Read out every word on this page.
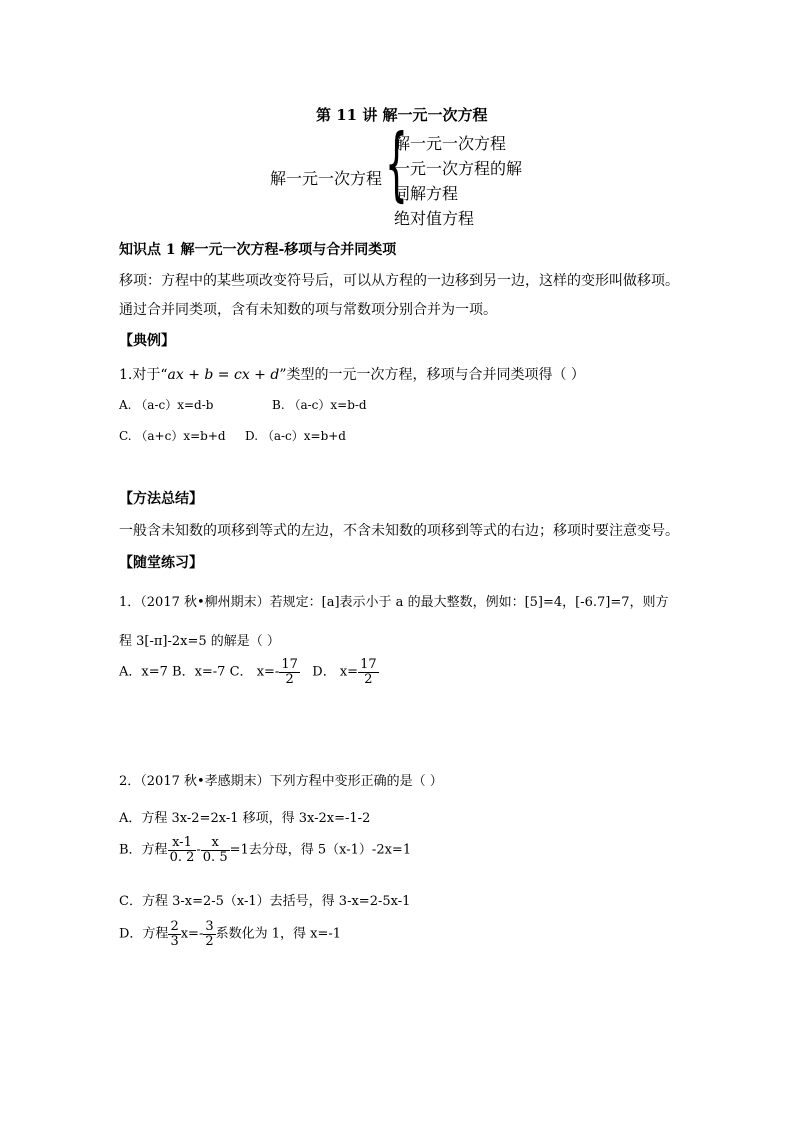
第 11 讲 解一元一次方程
解一元一次方程 {
解一元一次方程
一元一次方程的解
同解方程
绝对值方程
知识点 1 解一元一次方程-移项与合并同类项
移项：方程中的某些项改变符号后，可以从方程的一边移到另一边，这样的变形叫做移项。
通过合并同类项，含有未知数的项与常数项分别合并为一项。
【典例】
1.对于“ax + b = cx + d”类型的一元一次方程，移项与合并同类项得（ ）
A. （a-c）x=d-b	B. （a-c）x=b-d
C. （a+c）x=b+d D. （a-c）x=b+d
【方法总结】
一般含未知数的项移到等式的左边，不含未知数的项移到等式的右边；移项时要注意变号。
【随堂练习】
1．（2017 秋•柳州期末）若规定：[a]表示小于 a 的最大整数，例如：[5]=4，[-6.7]=7，则方
程 3[-π]-2x=5 的解是（ ）
A．x=7 B．x=-7 C． $x=- \frac{17}{2}$ D． $x= \frac{17}{2}$
2．（2017 秋•孝感期末）下列方程中变形正确的是（ ）
A．方程 3x-2=2x-1 移项，得 3x-2x=-1-2
B．方程 $\frac{x-1}{0. 2} - \frac{x}{0. 5} =1$去分母，得 5（x-1）-2x=1
C．方程 3-x=2-5（x-1）去括号，得 3-x=2-5x-1
D．方程 $\frac{2}{3} x=- \frac{3}{2}$ 系数化为 1，得 x=-1
